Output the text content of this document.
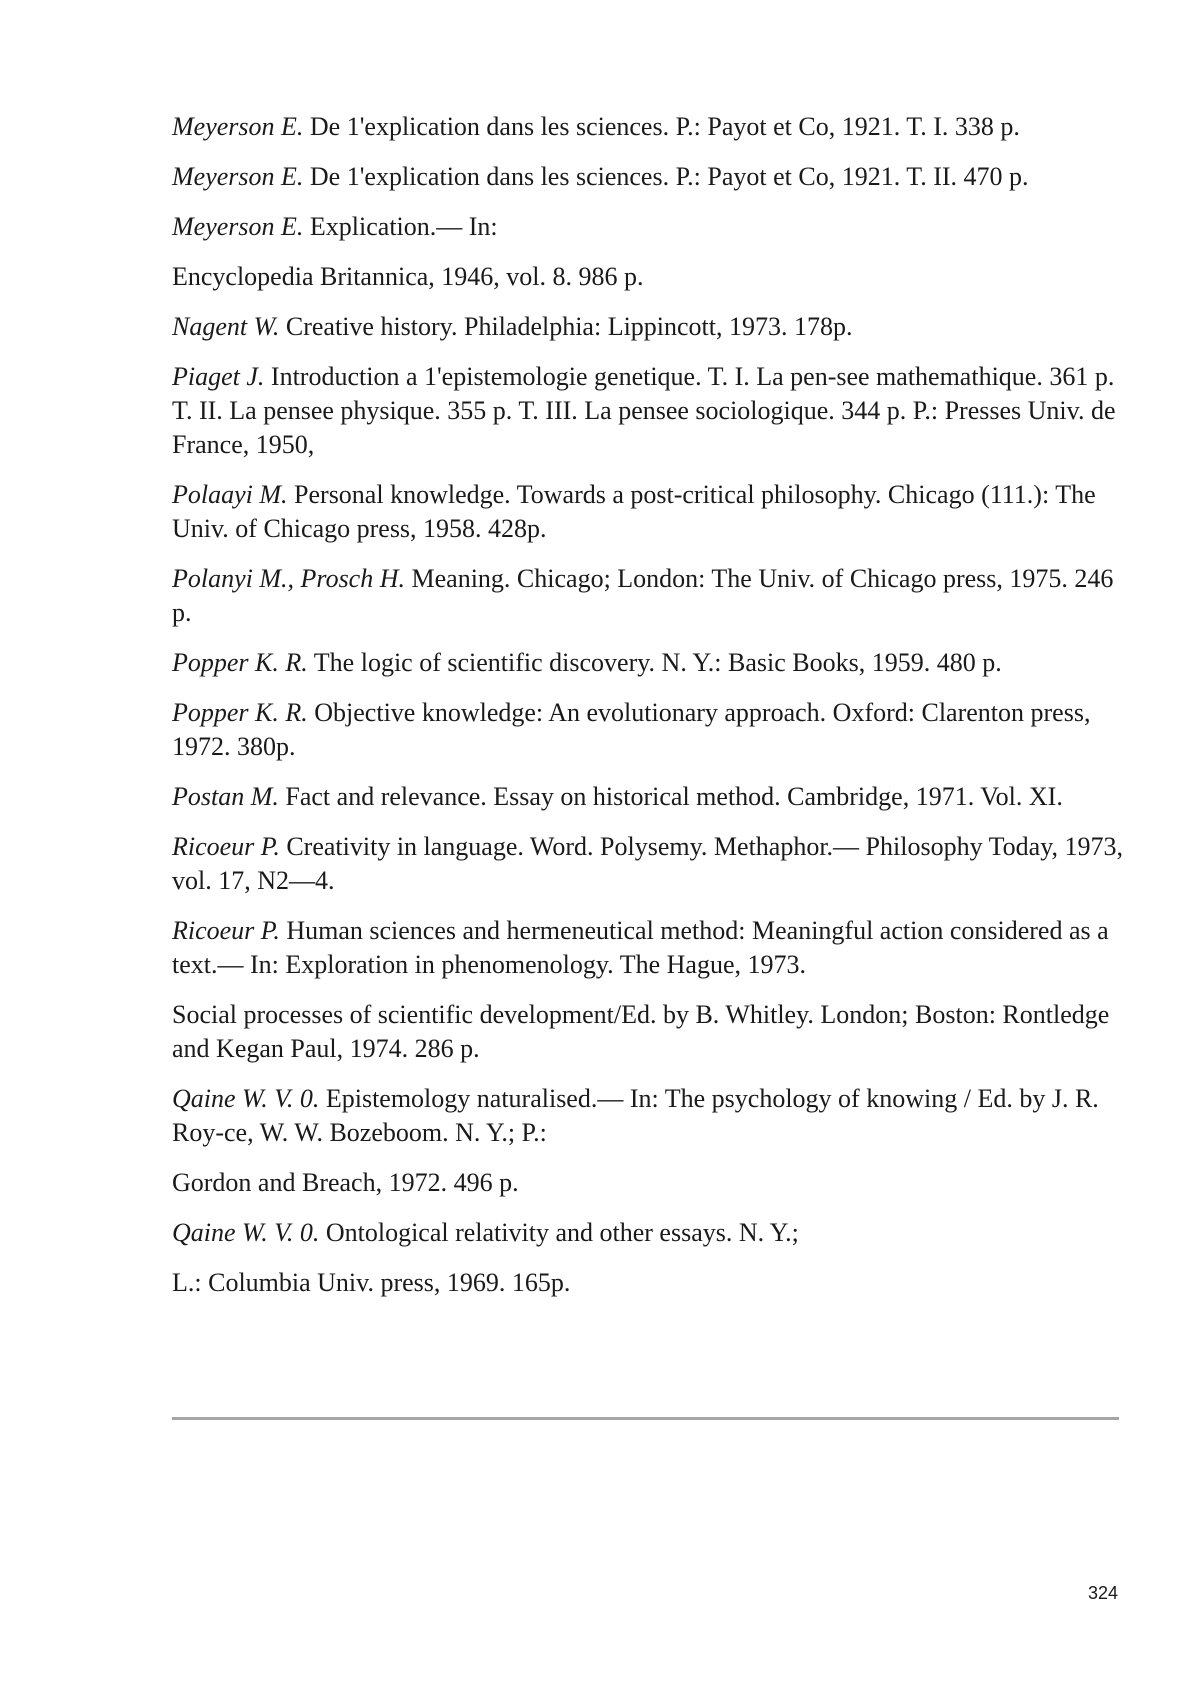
Meyerson E. De 1'explication dans les sciences. P.: Payot et Co, 1921. T. I. 338 p.

Meyerson E. De 1'explication dans les sciences. P.: Payot et Co, 1921. T. II. 470 p.

Meyerson E. Explication.— In:

Encyclopedia Britannica, 1946, vol. 8. 986 p.

Nagent W. Creative history. Philadelphia: Lippincott, 1973. 178p.

Piaget J. Introduction a 1'epistemologie genetique. T. I. La pen-see mathemathique. 361 p. T. II. La pensee physique. 355 p. T. III. La pensee sociologique. 344 p. P.: Presses Univ. de France, 1950,

Polaayi M. Personal knowledge. Towards a post-critical philosophy. Chicago (111.): The Univ. of Chicago press, 1958. 428p.

Polanyi M., Prosch H. Meaning. Chicago; London: The Univ. of Chicago press, 1975. 246 p.

Popper K. R. The logic of scientific discovery. N. Y.: Basic Books, 1959. 480 p.

Popper K. R. Objective knowledge: An evolutionary approach. Oxford: Clarenton press, 1972. 380p.

Postan M. Fact and relevance. Essay on historical method. Cambridge, 1971. Vol. XI.

Ricoeur P. Creativity in language. Word. Polysemy. Methaphor.— Philosophy Today, 1973, vol. 17, N2—4.

Ricoeur P. Human sciences and hermeneutical method: Meaningful action considered as a text.— In: Exploration in phenomenology. The Hague, 1973.

Social processes of scientific development/Ed. by B. Whitley. London; Boston: Rontledge and Kegan Paul, 1974. 286 p.

Qaine W. V. 0. Epistemology naturalised.— In: The psychology of knowing / Ed. by J. R. Roy-ce, W. W. Bozeboom. N. Y.; P.:

Gordon and Breach, 1972. 496 p.

Qaine W. V. 0. Ontological relativity and other essays. N. Y.;

L.: Columbia Univ. press, 1969. 165p.

324
